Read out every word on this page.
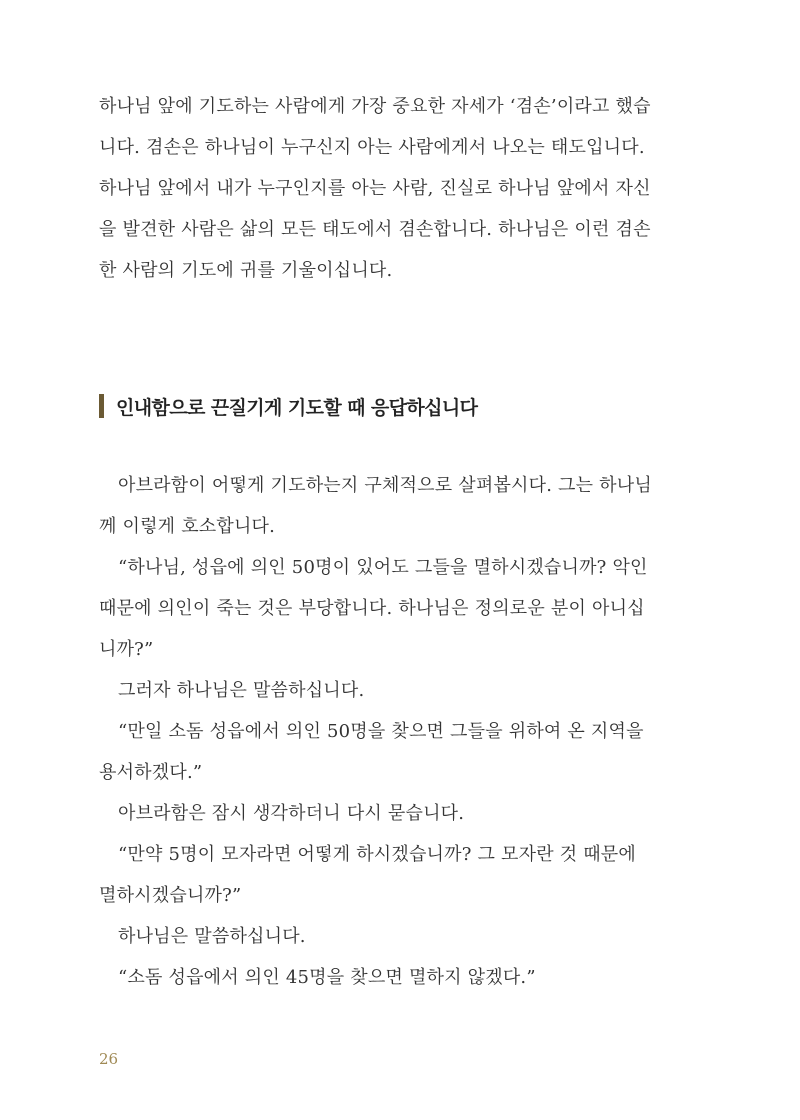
하나님 앞에 기도하는 사람에게 가장 중요한 자세가 ‘겸손’이라고 했습
니다. 겸손은 하나님이 누구신지 아는 사람에게서 나오는 태도입니다.
하나님 앞에서 내가 누구인지를 아는 사람, 진실로 하나님 앞에서 자신
을 발견한 사람은 삶의 모든 태도에서 겸손합니다. 하나님은 이런 겸손
한 사람의 기도에 귀를 기울이십니다.
인내함으로 끈질기게 기도할 때 응답하십니다
아브라함이 어떻게 기도하는지 구체적으로 살펴봅시다. 그는 하나님
께 이렇게 호소합니다.
“하나님, 성읍에 의인 50명이 있어도 그들을 멸하시겠습니까? 악인
때문에 의인이 죽는 것은 부당합니다. 하나님은 정의로운 분이 아니십
니까?”
그러자 하나님은 말씀하십니다.
“만일 소돔 성읍에서 의인 50명을 찾으면 그들을 위하여 온 지역을
용서하겠다.”
아브라함은 잠시 생각하더니 다시 묻습니다.
“만약 5명이 모자라면 어떻게 하시겠습니까? 그 모자란 것 때문에
멸하시겠습니까?”
하나님은 말씀하십니다.
“소돔 성읍에서 의인 45명을 찾으면 멸하지 않겠다.”
26
